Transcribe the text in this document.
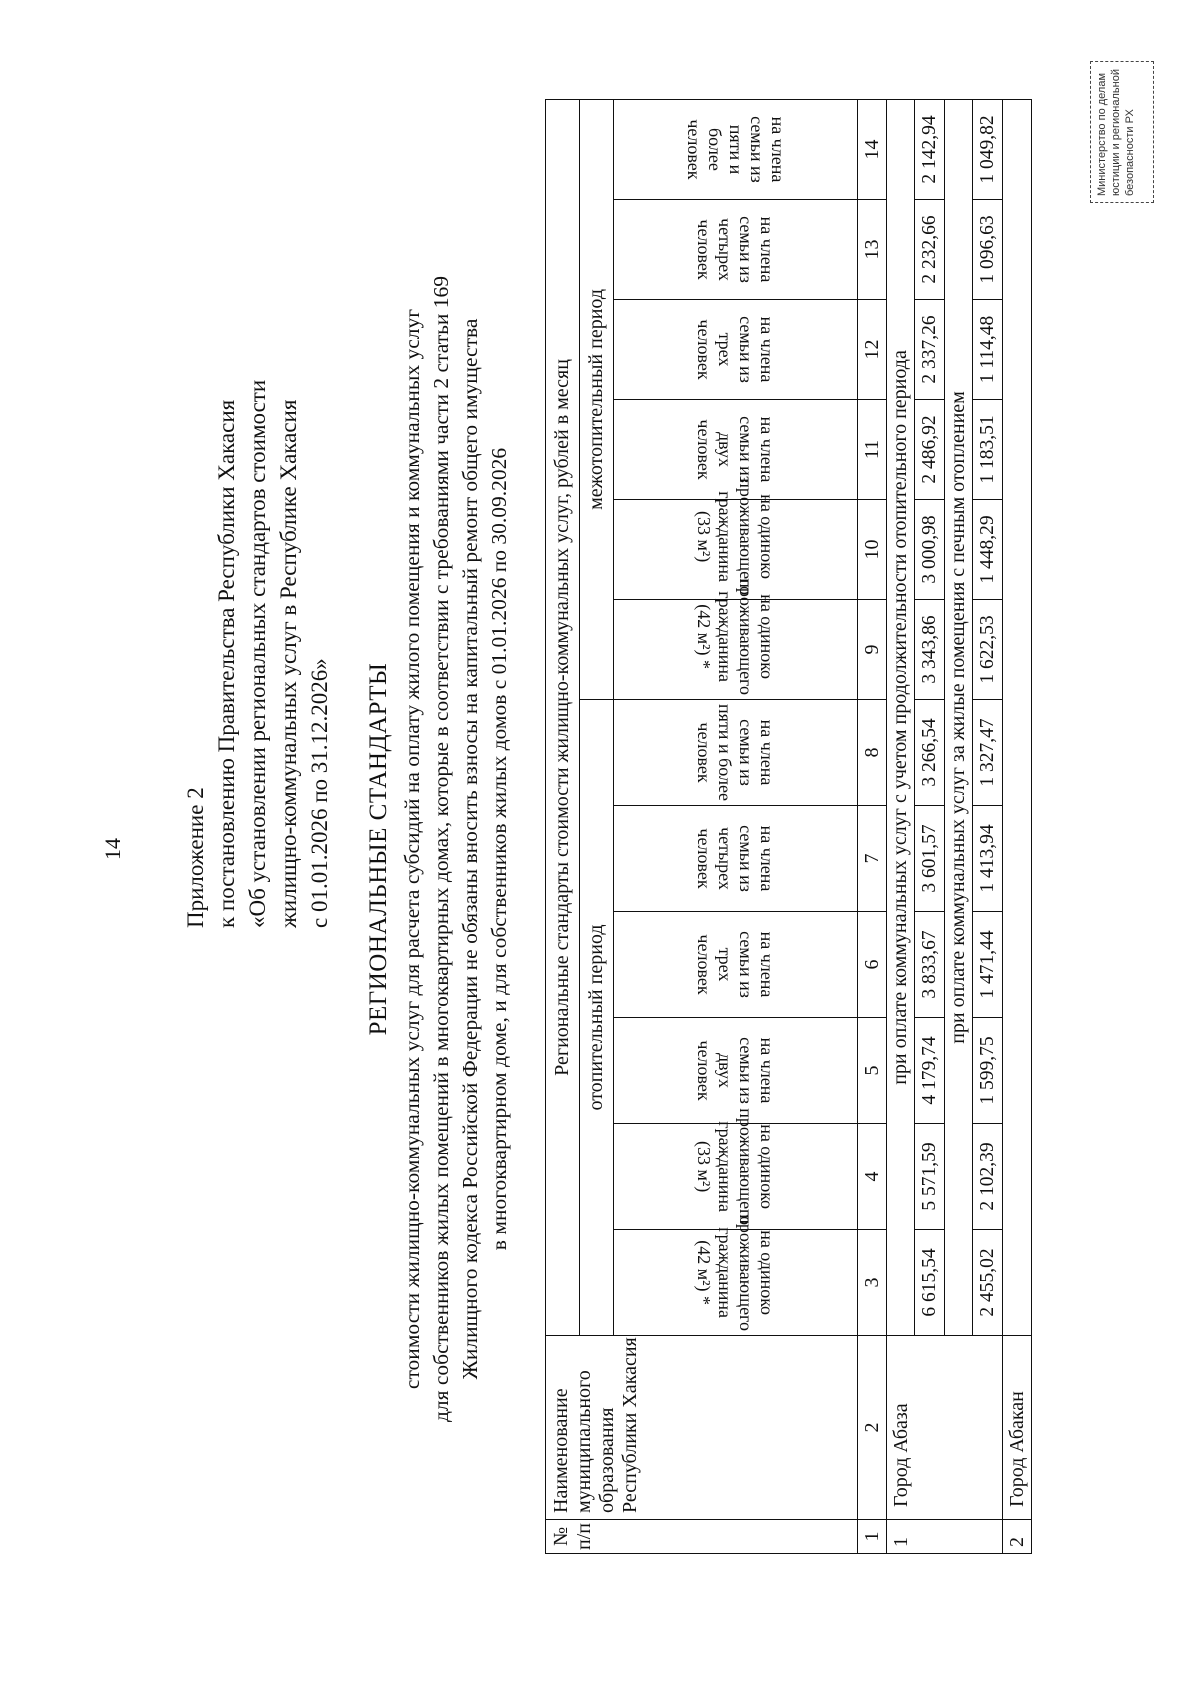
14	Приложение 2 к постановлению Правительства Республики Хакасия «Об установлении региональных стандартов стоимости жилищно-коммунальных услуг в Республике Хакасия с 01.01.2026 по 31.12.2026» РЕГИОНАЛЬНЫЕ СТАНДАРТЫ стоимости жилищно-коммунальных услуг для расчета субсидий на оплату жилого помещения и коммунальных услуг для собственников жилых помещений в многоквартирных домах, которые в соответствии с требованиями части 2 статьи 169 Жилищного кодекса Российской Федерации не обязаны вносить взносы на капитальный ремонт общего имущества в многоквартирном доме, и для собственников жилых домов с 01.01.2026 по 30.09.2026
№ п/п	Наименование муниципального образования Республики Хакасия	Региональные стандарты стоимости жилищно-коммунальных услуг, рублей в месяц											
		отопительный период						межотопительный период					
		на одиноко проживающего гражданина (42 м²) *	на одиноко проживающего гражданина (33 м²)	на члена семьи из двух человек	на члена семьи из трех человек	на члена семьи из четырех человек	на члена семьи из пяти и более человек	на одиноко проживающего гражданина (42 м²) *	на одиноко проживающего гражданина (33 м²)	на члена семьи из двух человек	на члена семьи из трех человек	на члена семьи из четырех человек	на члена семьи из пяти и более человек
1	2	3	4	5	6	7	8	9	10	11	12	13	14
1	Город Абаза	при оплате коммунальных услуг с учетом продолжительности отопительного периода											
		6 615,54	5 571,59	4 179,74	3 833,67	3 601,57	3 266,54	3 343,86	3 000,98	2 486,92	2 337,26	2 232,66	2 142,94
		при оплате коммунальных услуг за жилые помещения с печным отоплением											
		2 455,02	2 102,39	1 599,75	1 471,44	1 413,94	1 327,47	1 622,53	1 448,29	1 183,51	1 114,48	1 096,63	1 049,82
2	Город Абакан												
Министерство по делам юстиции и региональной безопасности РХ
